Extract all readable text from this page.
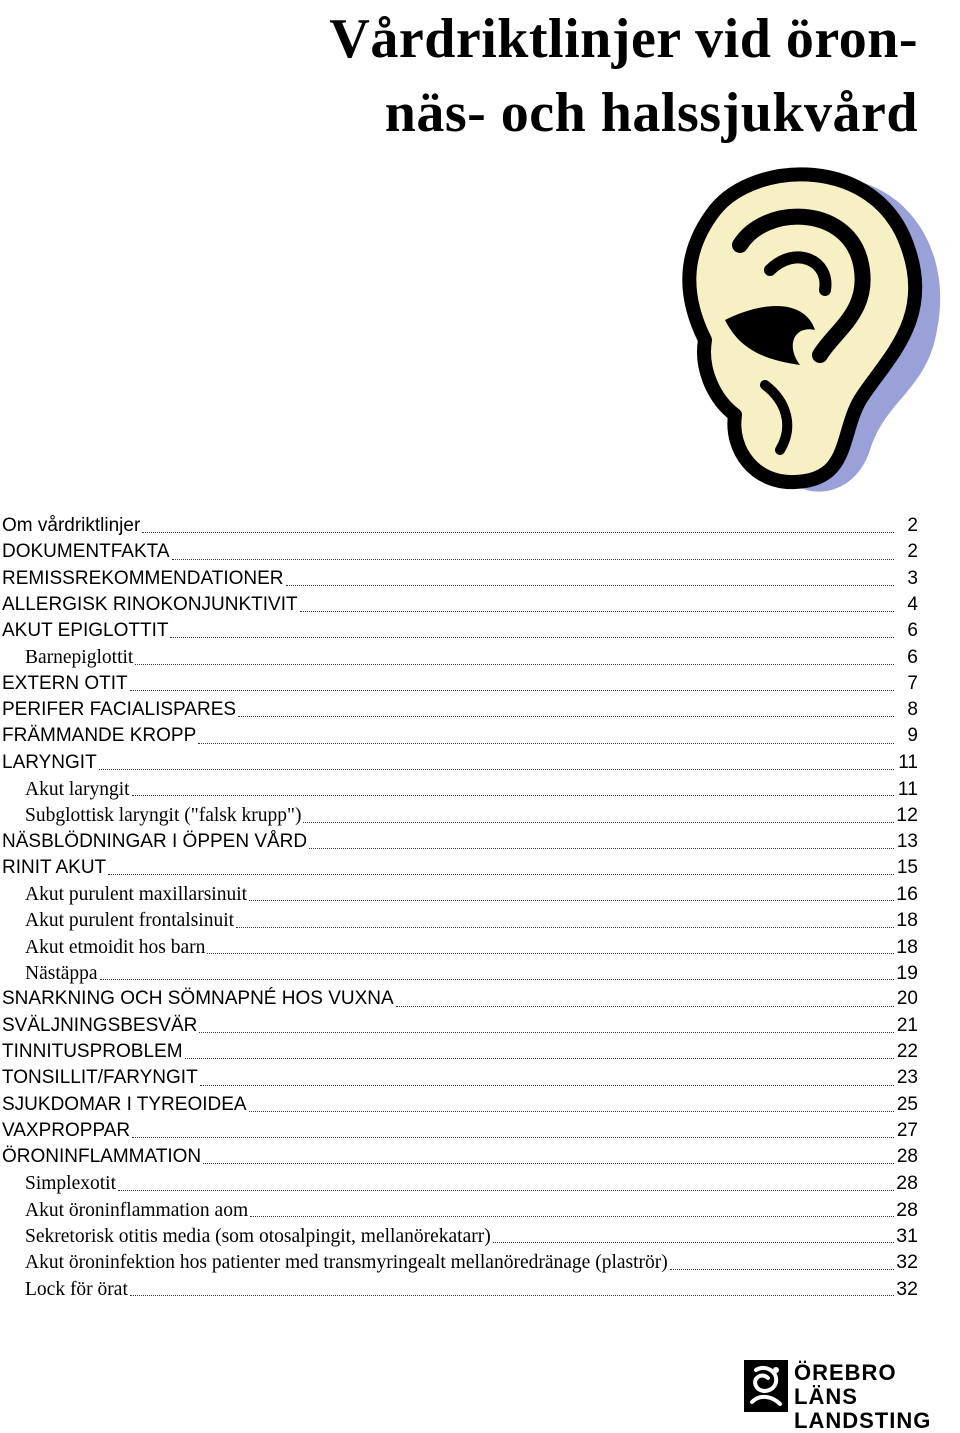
Vårdriktlinjer vid öron-
näs- och halssjukvård
Om vårdriktlinjer	2
DOKUMENTFAKTA	2
REMISSREKOMMENDATIONER	3
ALLERGISK RINOKONJUNKTIVIT	4
AKUT EPIGLOTTIT	6
Barnepiglottit	6
EXTERN OTIT	7
PERIFER FACIALISPARES	8
FRÄMMANDE KROPP	9
LARYNGIT	11
Akut laryngit	11
Subglottisk laryngit ("falsk krupp")	12
NÄSBLÖDNINGAR I ÖPPEN VÅRD	13
RINIT AKUT	15
Akut purulent maxillarsinuit	16
Akut purulent frontalsinuit	18
Akut etmoidit hos barn	18
Nästäppa	19
SNARKNING OCH SÖMNAPNÉ HOS VUXNA	20
SVÄLJNINGSBESVÄR	21
TINNITUSPROBLEM	22
TONSILLIT/FARYNGIT	23
SJUKDOMAR I TYREOIDEA	25
VAXPROPPAR	27
ÖRONINFLAMMATION	28
Simplexotit	28
Akut öroninflammation aom	28
Sekretorisk otitis media (som otosalpingit, mellanörekatarr)	31
Akut öroninfektion hos patienter med transmyringealt mellanöredränage (plaströr)	32
Lock för örat	32
ÖREBRO LÄNS
LANDSTING
